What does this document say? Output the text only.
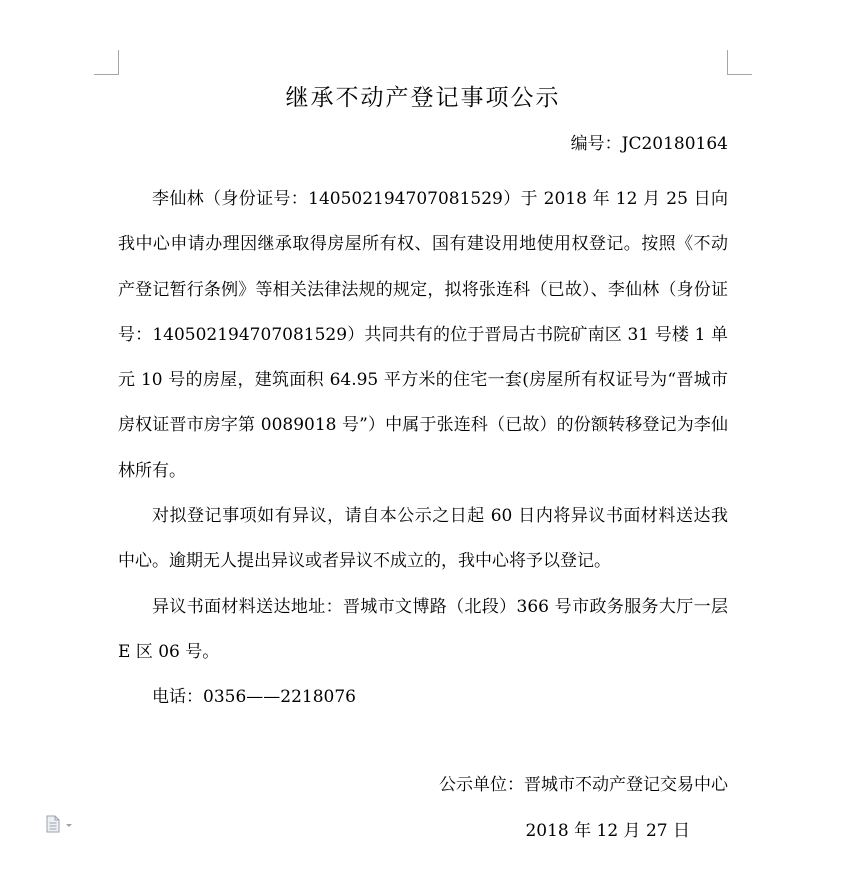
继承不动产登记事项公示
编号：JC20180164

李仙林（身份证号：140502194707081529）于 2018 年 12 月 25 日向我中心申请办理因继承取得房屋所有权、国有建设用地使用权登记。按照《不动产登记暂行条例》等相关法律法规的规定，拟将张连科（已故）、李仙林（身份证号：140502194707081529）共同共有的位于晋局古书院矿南区 31 号楼 1 单元 10 号的房屋，建筑面积 64.95 平方米的住宅一套(房屋所有权证号为“晋城市房权证晋市房字第 0089018 号”）中属于张连科（已故）的份额转移登记为李仙林所有。

对拟登记事项如有异议，请自本公示之日起 60 日内将异议书面材料送达我中心。逾期无人提出异议或者异议不成立的，我中心将予以登记。

异议书面材料送达地址：晋城市文博路（北段）366 号市政务服务大厅一层 E 区 06 号。

电话：0356——2218076

公示单位：晋城市不动产登记交易中心
2018 年 12 月 27 日
